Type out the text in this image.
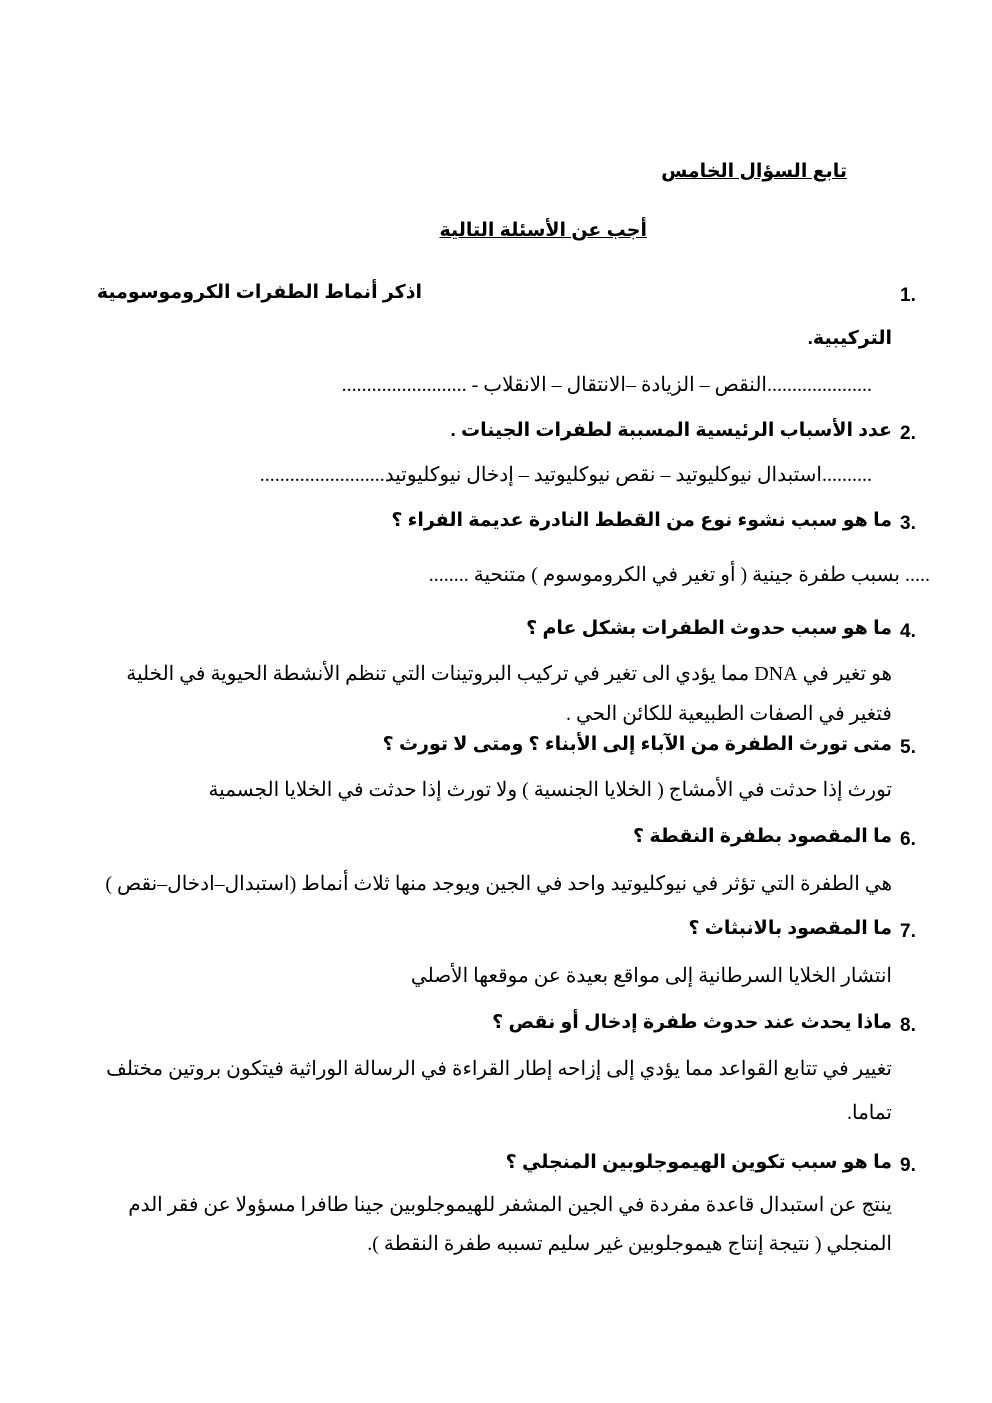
تابع السؤال الخامس
أجب عن الأسئلة التالية
1.
اذكر أنماط الطفرات الكروموسومية
التركيبية.
.....................النقص – الزيادة –الانتقال – الانقلاب - .........................
2.
عدد الأسباب الرئيسية المسببة لطفرات الجينات .
..........استبدال نيوكليوتيد – نقص نيوكليوتيد – إدخال نيوكليوتيد.........................
3.
ما هو سبب نشوء نوع من القطط النادرة عديمة الفراء ؟
..... بسبب طفرة جينية ( أو تغير في الكروموسوم ) متنحية ........
4.
ما هو سبب حدوث الطفرات بشكل عام ؟
هو تغير في DNA مما يؤدي الى تغير في تركيب البروتينات التي تنظم الأنشطة الحيوية في الخلية
فتغير في الصفات الطبيعية للكائن الحي .
5.
متى تورث الطفرة من الآباء إلى الأبناء ؟ ومتى لا تورث ؟
تورث إذا حدثت في الأمشاج ( الخلايا الجنسية ) ولا تورث إذا حدثت في الخلايا الجسمية
6.
ما المقصود بطفرة النقطة ؟
هي الطفرة التي تؤثر في نيوكليوتيد واحد في الجين ويوجد منها ثلاث أنماط (استبدال–ادخال–نقص )
7.
ما المقصود بالانبثاث ؟
انتشار الخلايا السرطانية إلى مواقع بعيدة عن موقعها الأصلي
8.
ماذا يحدث عند حدوث طفرة إدخال أو نقص ؟
تغيير في تتابع القواعد مما يؤدي إلى إزاحه إطار القراءة في الرسالة الوراثية فيتكون بروتين مختلف
تماما.
9.
ما هو سبب تكوين الهيموجلوبين المنجلي ؟
ينتج عن استبدال قاعدة مفردة في الجين المشفر للهيموجلوبين جينا طافرا مسؤولا عن فقر الدم
المنجلي ( نتيجة إنتاج هيموجلوبين غير سليم تسببه طفرة النقطة ).
